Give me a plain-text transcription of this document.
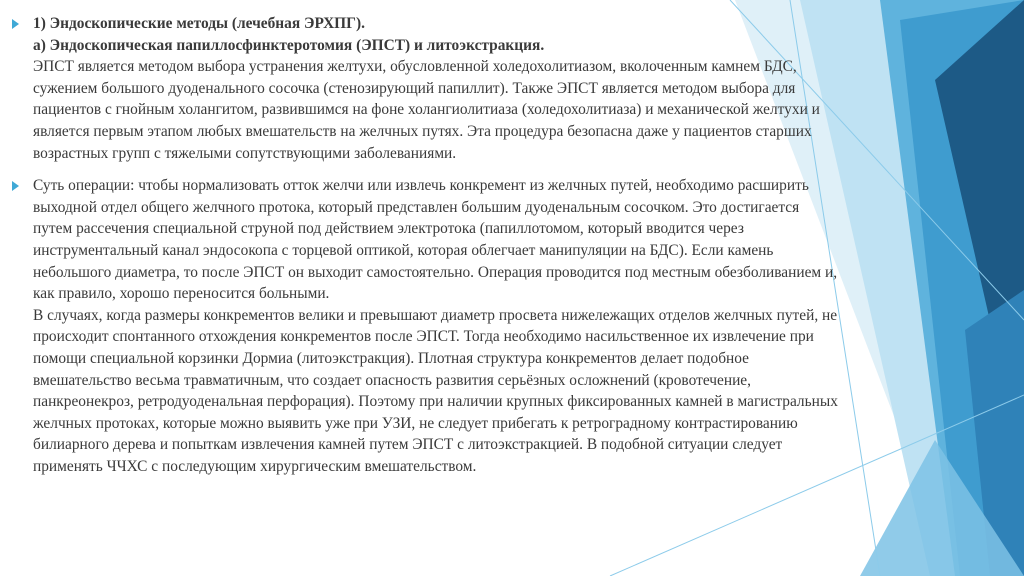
1) Эндоскопические методы (лечебная ЭРХПГ).

а) Эндоскопическая папиллосфинктеротомия (ЭПСТ) и литоэкстракция.

ЭПСТ является методом выбора устранения желтухи, обусловленной холедохолитиазом, вколоченным камнем БДС, сужением большого дуоденального сосочка (стенозирующий папиллит). Также ЭПСТ является методом выбора для пациентов с гнойным холангитом, развившимся на фоне холангиолитиаза (холедохолитиаза) и механической желтухи и является первым этапом любых вмешательств на желчных путях. Эта процедура безопасна даже у пациентов старших возрастных групп с тяжелыми сопутствующими заболеваниями.

Суть операции: чтобы нормализовать отток желчи или извлечь конкремент из желчных путей, необходимо расширить выходной отдел общего желчного протока, который представлен большим дуоденальным сосочком. Это достигается путем рассечения специальной струной под действием электротока (папиллотомом, который вводится через инструментальный канал эндосокопа с торцевой оптикой, которая облегчает манипуляции на БДС). Если камень небольшого диаметра, то после ЭПСТ он выходит самостоятельно. Операция проводится под местным обезболиванием и, как правило, хорошо переносится больными.

В случаях, когда размеры конкрементов велики и превышают диаметр просвета нижележащих отделов желчных путей, не происходит спонтанного отхождения конкрементов после ЭПСТ. Тогда необходимо насильственное их извлечение при помощи специальной корзинки Дормиа (литоэкстракция). Плотная структура конкрементов делает подобное вмешательство весьма травматичным, что создает опасность развития серьёзных осложнений (кровотечение, панкреонекроз, ретродуоденальная перфорация). Поэтому при наличии крупных фиксированных камней в магистральных желчных протоках, которые можно выявить уже при УЗИ, не следует прибегать к ретроградному контрастированию билиарного дерева и попыткам извлечения камней путем ЭПСТ с литоэкстракцией. В подобной ситуации следует применять ЧЧХС с последующим хирургическим вмешательством.
